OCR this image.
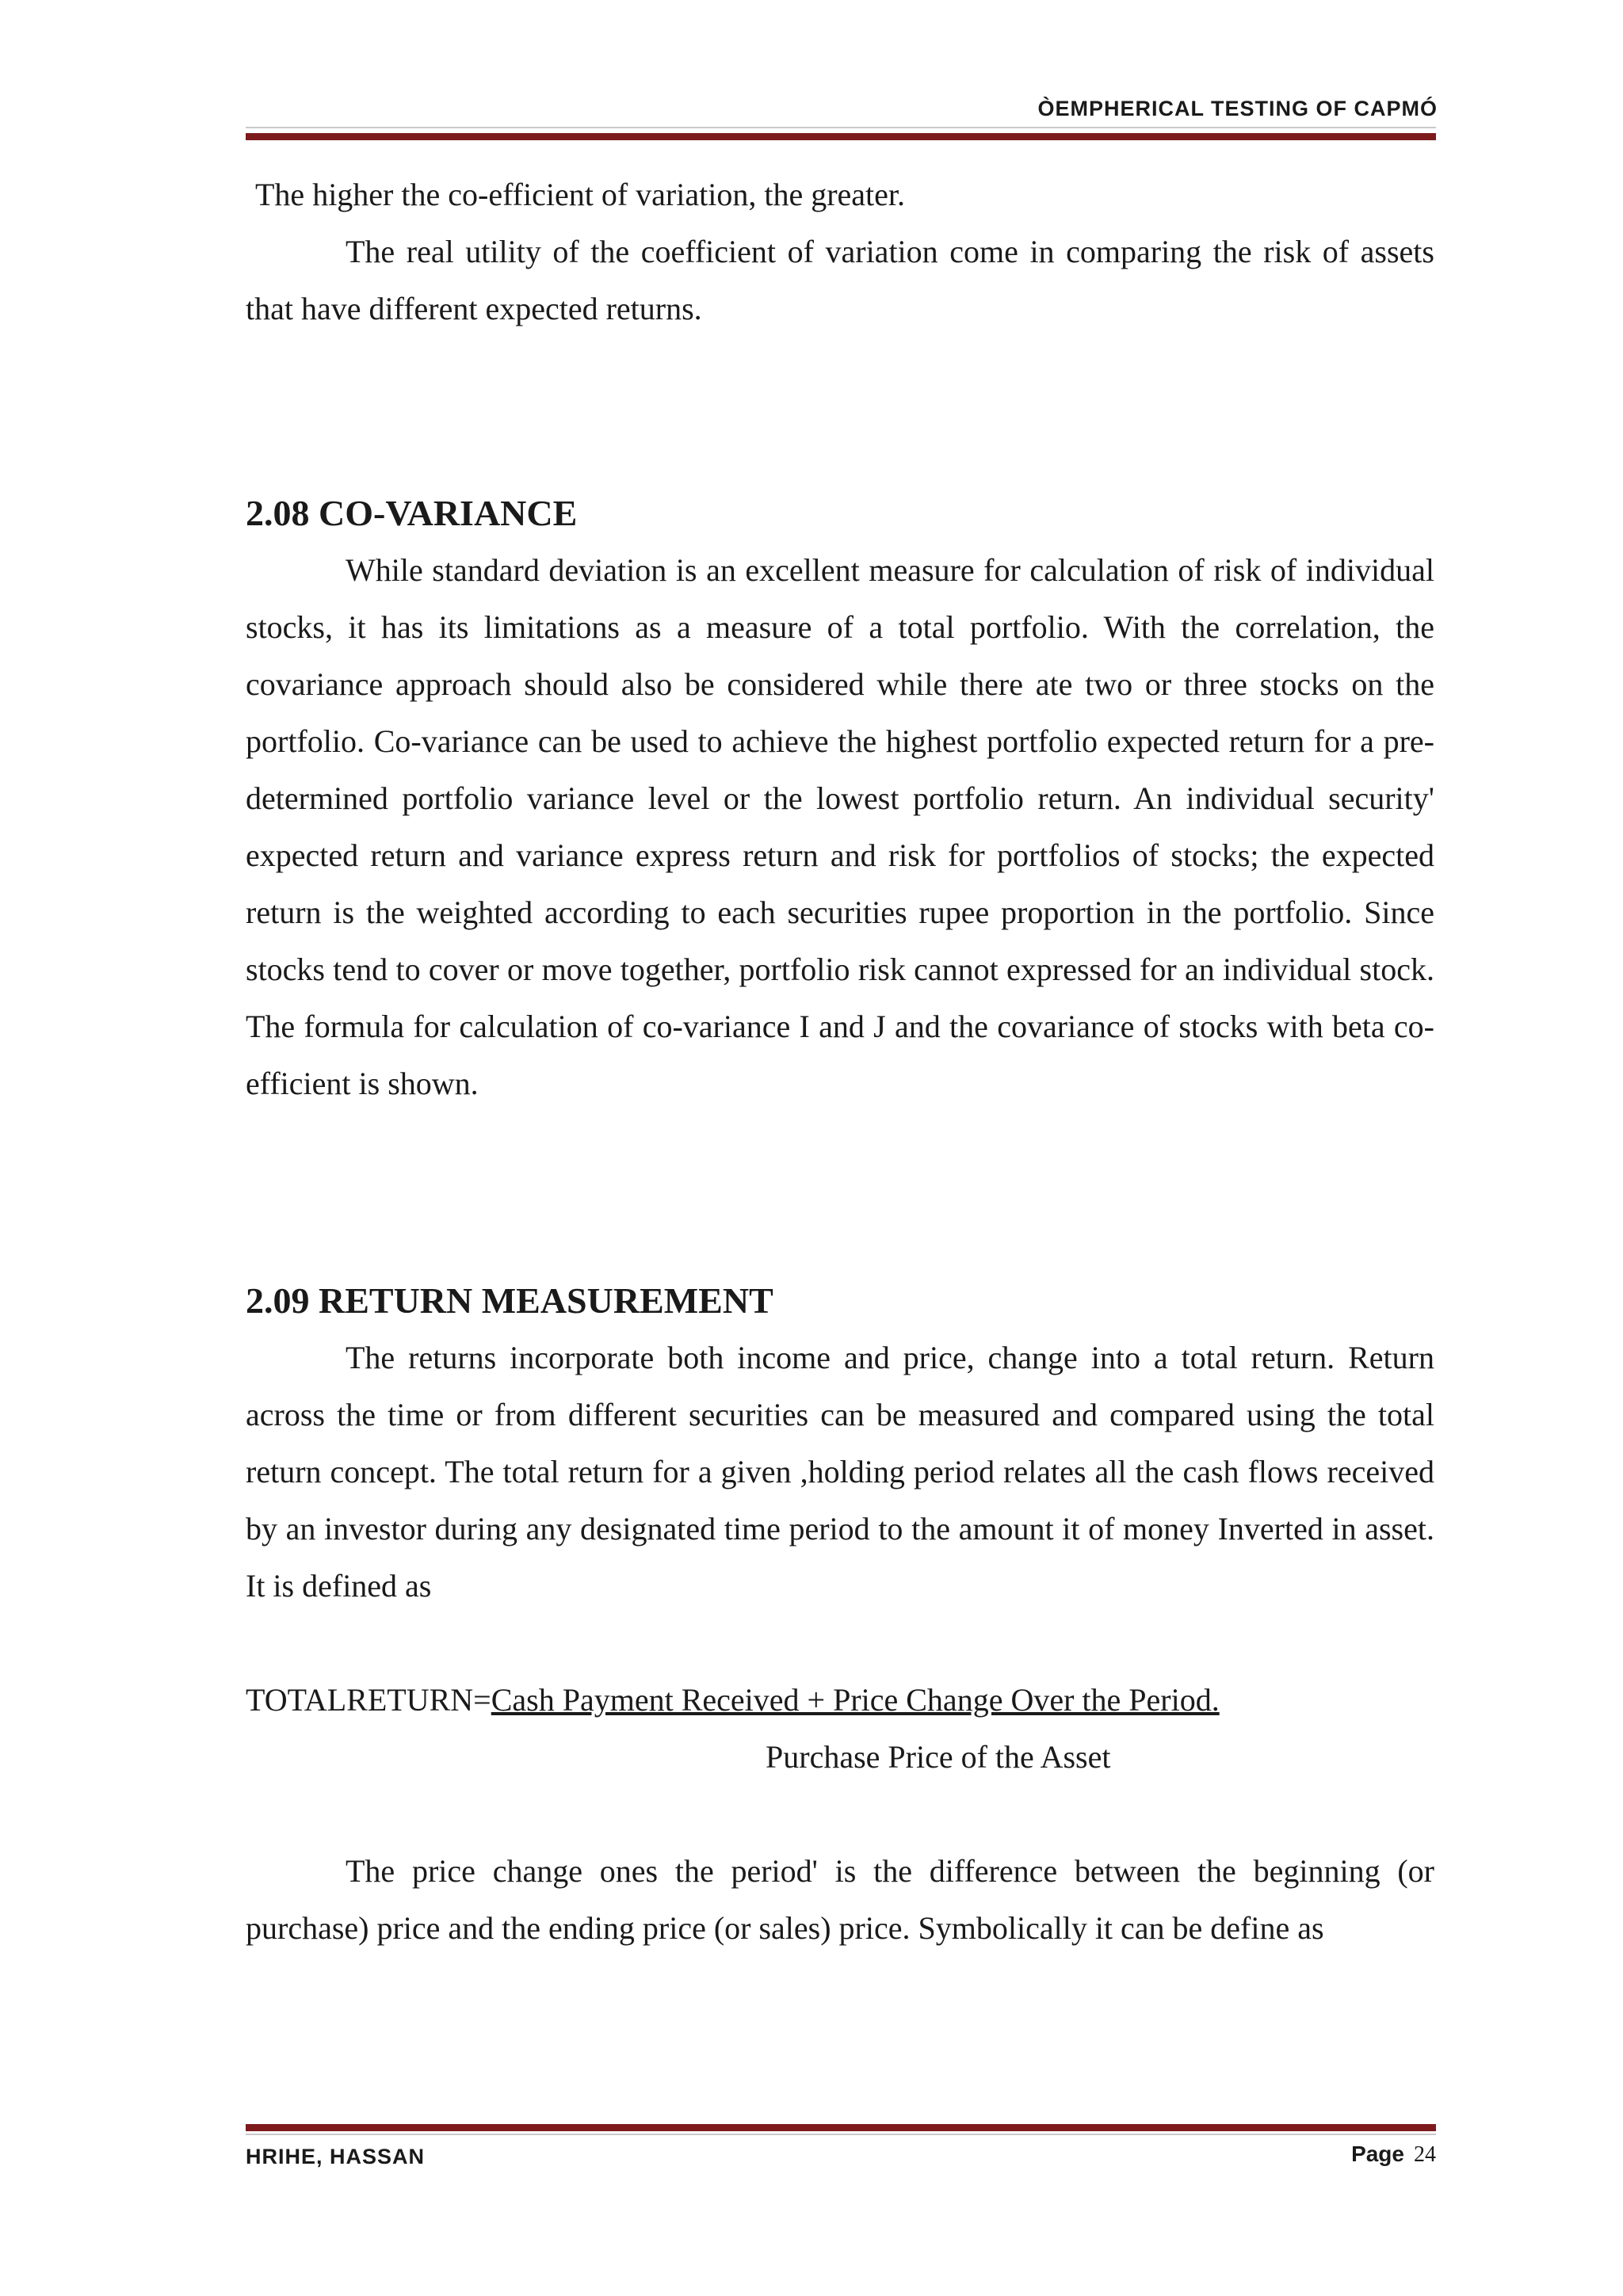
ÒEMPHERICAL TESTING OF CAPMÓ

The higher the co-efficient of variation, the greater.

The real utility of the coefficient of variation come in comparing the risk of assets that have different expected returns.

2.08 CO-VARIANCE

While standard deviation is an excellent measure for calculation of risk of individual stocks, it has its limitations as a measure of a total portfolio. With the correlation, the covariance approach should also be considered while there ate two or three stocks on the portfolio. Co-variance can be used to achieve the highest portfolio expected return for a pre-determined portfolio variance level or the lowest portfolio return. An individual security' expected return and variance express return and risk for portfolios of stocks; the expected return is the weighted according to each securities rupee proportion in the portfolio. Since stocks tend to cover or move together, portfolio risk cannot expressed for an individual stock. The formula for calculation of co-variance I and J and the covariance of stocks with beta co-efficient is shown.

2.09 RETURN MEASUREMENT

The returns incorporate both income and price, change into a total return. Return across the time or from different securities can be measured and compared using the total return concept. The total return for a given ,holding period relates all the cash flows received by an investor during any designated time period to the amount it of money Inverted in asset. It is defined as

TOTALRETURN=Cash Payment Received + Price Change Over the Period.

Purchase Price of the Asset

The price change ones the period' is the difference between the beginning (or purchase) price and the ending price (or sales) price. Symbolically it can be define as

HRIHE, HASSAN	Page 24
